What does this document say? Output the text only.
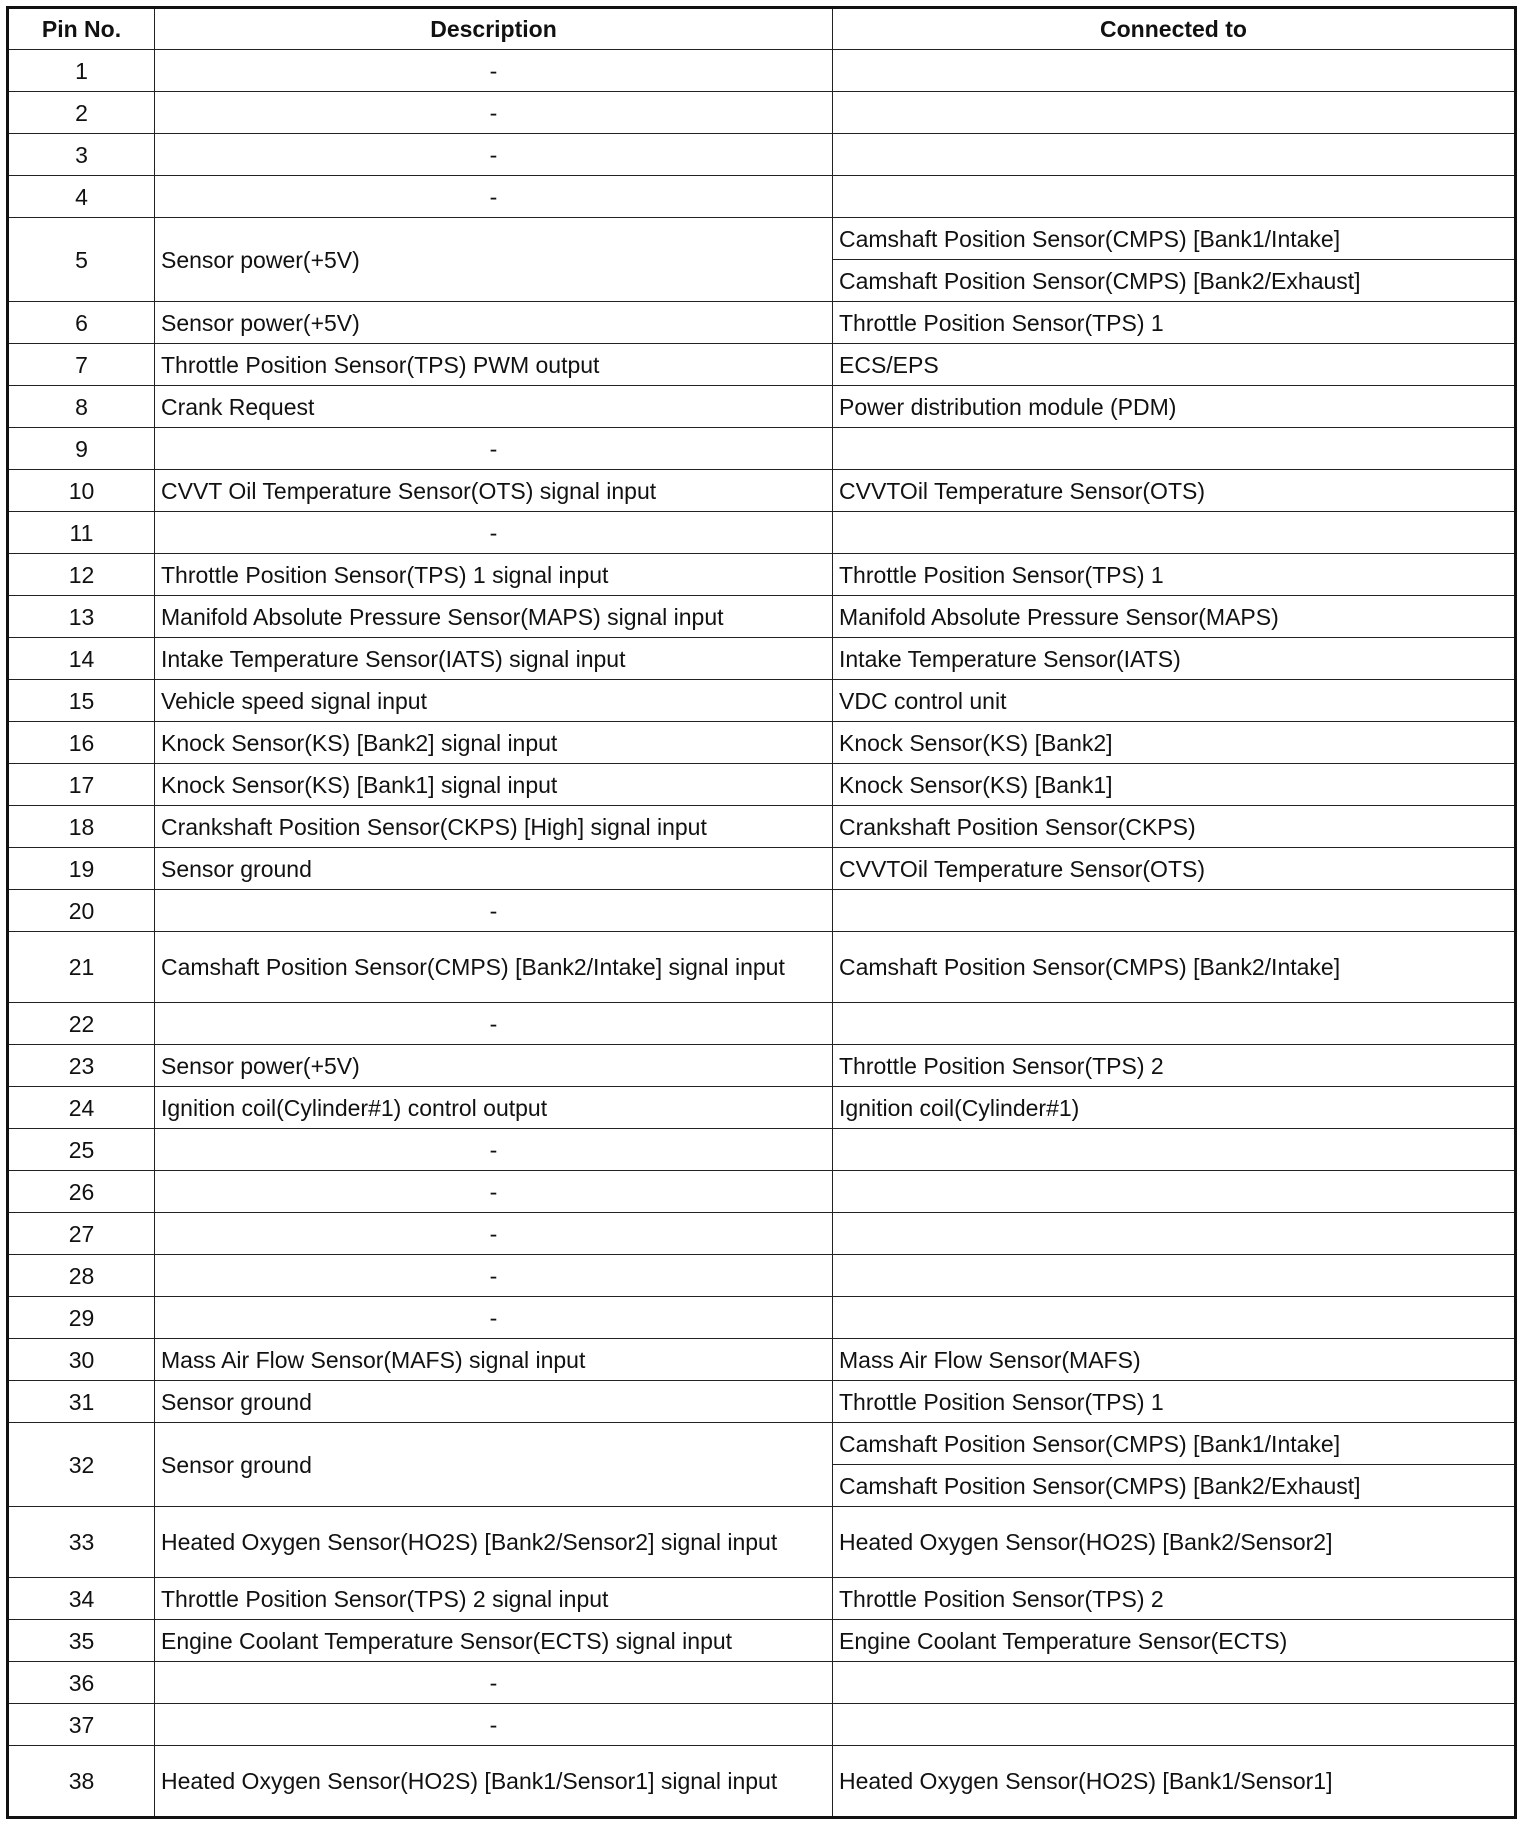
Pin No.	Description	Connected to
1	-	
2	-	
3	-	
4	-	
5	Sensor power(+5V)	Camshaft Position Sensor(CMPS) [Bank1/Intake]
		Camshaft Position Sensor(CMPS) [Bank2/Exhaust]
6	Sensor power(+5V)	Throttle Position Sensor(TPS) 1
7	Throttle Position Sensor(TPS) PWM output	ECS/EPS
8	Crank Request	Power distribution module (PDM)
9	-	
10	CVVT Oil Temperature Sensor(OTS) signal input	CVVTOil Temperature Sensor(OTS)
11	-	
12	Throttle Position Sensor(TPS) 1 signal input	Throttle Position Sensor(TPS) 1
13	Manifold Absolute Pressure Sensor(MAPS) signal input	Manifold Absolute Pressure Sensor(MAPS)
14	Intake Temperature Sensor(IATS) signal input	Intake Temperature Sensor(IATS)
15	Vehicle speed signal input	VDC control unit
16	Knock Sensor(KS) [Bank2] signal input	Knock Sensor(KS) [Bank2]
17	Knock Sensor(KS) [Bank1] signal input	Knock Sensor(KS) [Bank1]
18	Crankshaft Position Sensor(CKPS) [High] signal input	Crankshaft Position Sensor(CKPS)
19	Sensor ground	CVVTOil Temperature Sensor(OTS)
20	-	
21	Camshaft Position Sensor(CMPS) [Bank2/Intake] signal input	Camshaft Position Sensor(CMPS) [Bank2/Intake]
22	-	
23	Sensor power(+5V)	Throttle Position Sensor(TPS) 2
24	Ignition coil(Cylinder#1) control output	Ignition coil(Cylinder#1)
25	-	
26	-	
27	-	
28	-	
29	-	
30	Mass Air Flow Sensor(MAFS) signal input	Mass Air Flow Sensor(MAFS)
31	Sensor ground	Throttle Position Sensor(TPS) 1
32	Sensor ground	Camshaft Position Sensor(CMPS) [Bank1/Intake]
		Camshaft Position Sensor(CMPS) [Bank2/Exhaust]
33	Heated Oxygen Sensor(HO2S) [Bank2/Sensor2] signal input	Heated Oxygen Sensor(HO2S) [Bank2/Sensor2]
34	Throttle Position Sensor(TPS) 2 signal input	Throttle Position Sensor(TPS) 2
35	Engine Coolant Temperature Sensor(ECTS) signal input	Engine Coolant Temperature Sensor(ECTS)
36	-	
37	-	
38	Heated Oxygen Sensor(HO2S) [Bank1/Sensor1] signal input	Heated Oxygen Sensor(HO2S) [Bank1/Sensor1]
